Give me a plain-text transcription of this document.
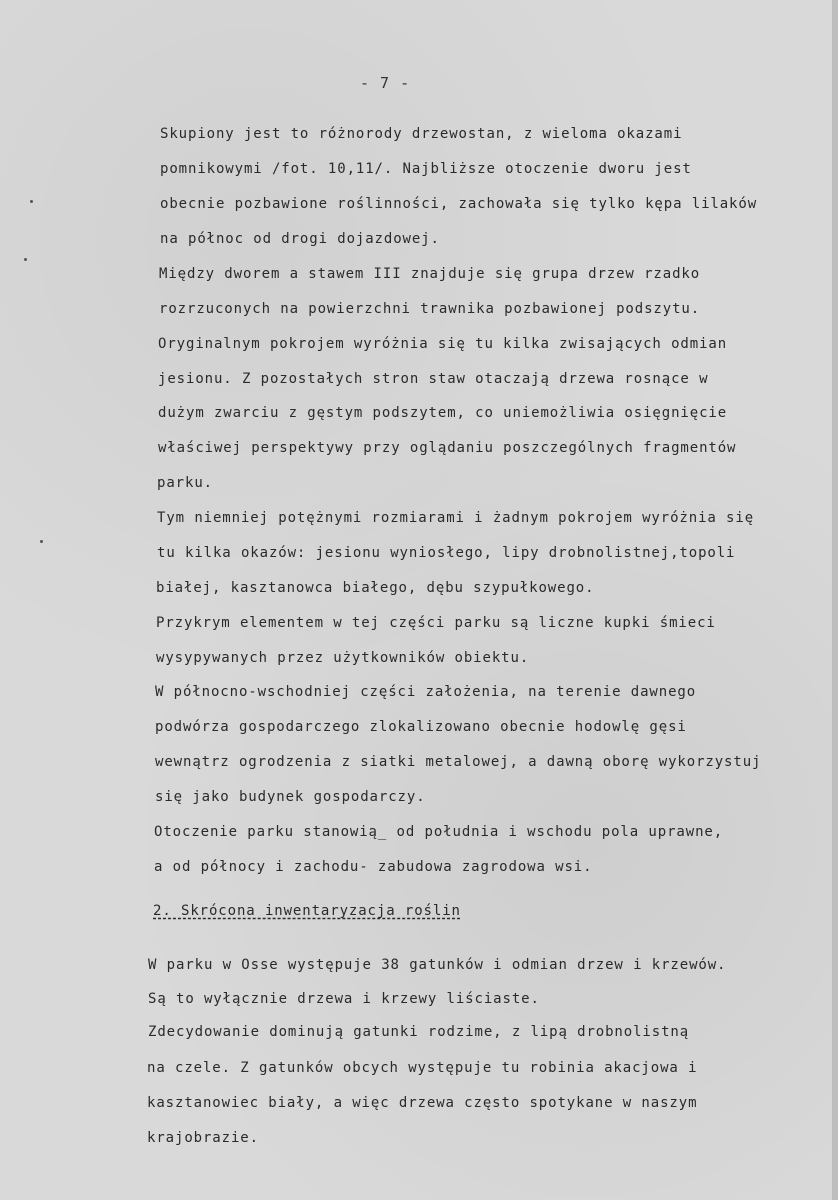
- 7 -
Skupiony jest to różnorody drzewostan, z wieloma okazami
pomnikowymi /fot. 10,11/. Najbliższe otoczenie dworu jest
obecnie pozbawione roślinności, zachowała się tylko kępa lilaków
na północ od drogi dojazdowej.
Między dworem a stawem III znajduje się grupa drzew rzadko
rozrzuconych na powierzchni trawnika pozbawionej podszytu.
Oryginalnym pokrojem wyróżnia się tu kilka zwisających odmian
jesionu. Z pozostałych stron staw otaczają drzewa rosnące w
dużym zwarciu z gęstym podszytem, co uniemożliwia osięgnięcie
właściwej perspektywy przy oglądaniu poszczególnych fragmentów
parku.
Tym niemniej potężnymi rozmiarami i żadnym pokrojem wyróżnia się
tu kilka okazów: jesionu wyniosłego, lipy drobnolistnej,topoli
białej, kasztanowca białego, dębu szypułkowego.
Przykrym elementem w tej części parku są liczne kupki śmieci
wysypywanych przez użytkowników obiektu.
W północno-wschodniej części założenia, na terenie dawnego
podwórza gospodarczego zlokalizowano obecnie hodowlę gęsi
wewnątrz ogrodzenia z siatki metalowej, a dawną oborę wykorzystuj
się jako budynek gospodarczy.
Otoczenie parku stanowią_ od południa i wschodu pola uprawne,
a od północy i zachodu- zabudowa zagrodowa wsi.
2. Skrócona inwentaryzacja roślin
W parku w Osse występuje 38 gatunków i odmian drzew i krzewów.
Są to wyłącznie drzewa i krzewy liściaste.
Zdecydowanie dominują gatunki rodzime, z lipą drobnolistną
na czele. Z gatunków obcych występuje tu robinia akacjowa i
kasztanowiec biały, a więc drzewa często spotykane w naszym
krajobrazie.
